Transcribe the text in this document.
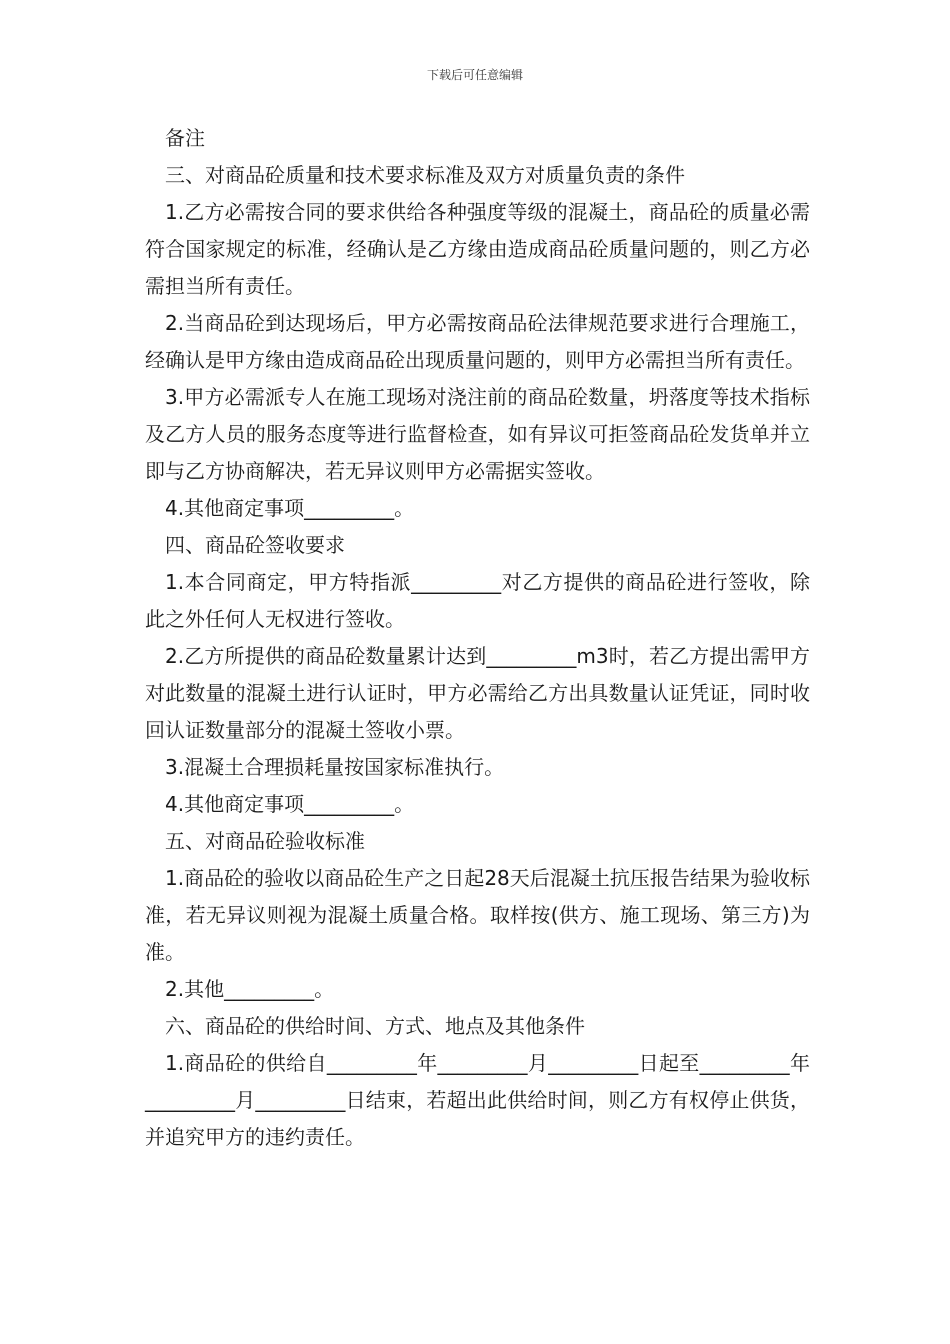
下载后可任意编辑

备注

三、对商品砼质量和技术要求标准及双方对质量负责的条件

1.乙方必需按合同的要求供给各种强度等级的混凝土，商品砼的质量必需符合国家规定的标准，经确认是乙方缘由造成商品砼质量问题的，则乙方必需担当所有责任。

2.当商品砼到达现场后，甲方必需按商品砼法律规范要求进行合理施工，经确认是甲方缘由造成商品砼出现质量问题的，则甲方必需担当所有责任。

3.甲方必需派专人在施工现场对浇注前的商品砼数量，坍落度等技术指标及乙方人员的服务态度等进行监督检查，如有异议可拒签商品砼发货单并立即与乙方协商解决，若无异议则甲方必需据实签收。

4.其他商定事项_________。

四、商品砼签收要求

1.本合同商定，甲方特指派_________对乙方提供的商品砼进行签收，除此之外任何人无权进行签收。

2.乙方所提供的商品砼数量累计达到_________m3时，若乙方提出需甲方对此数量的混凝土进行认证时，甲方必需给乙方出具数量认证凭证，同时收回认证数量部分的混凝土签收小票。

3.混凝土合理损耗量按国家标准执行。

4.其他商定事项_________。

五、对商品砼验收标准

1.商品砼的验收以商品砼生产之日起28天后混凝土抗压报告结果为验收标准，若无异议则视为混凝土质量合格。取样按(供方、施工现场、第三方)为准。

2.其他_________。

六、商品砼的供给时间、方式、地点及其他条件

1.商品砼的供给自_________年_________月_________日起至_________年_________月_________日结束，若超出此供给时间，则乙方有权停止供货，并追究甲方的违约责任。
